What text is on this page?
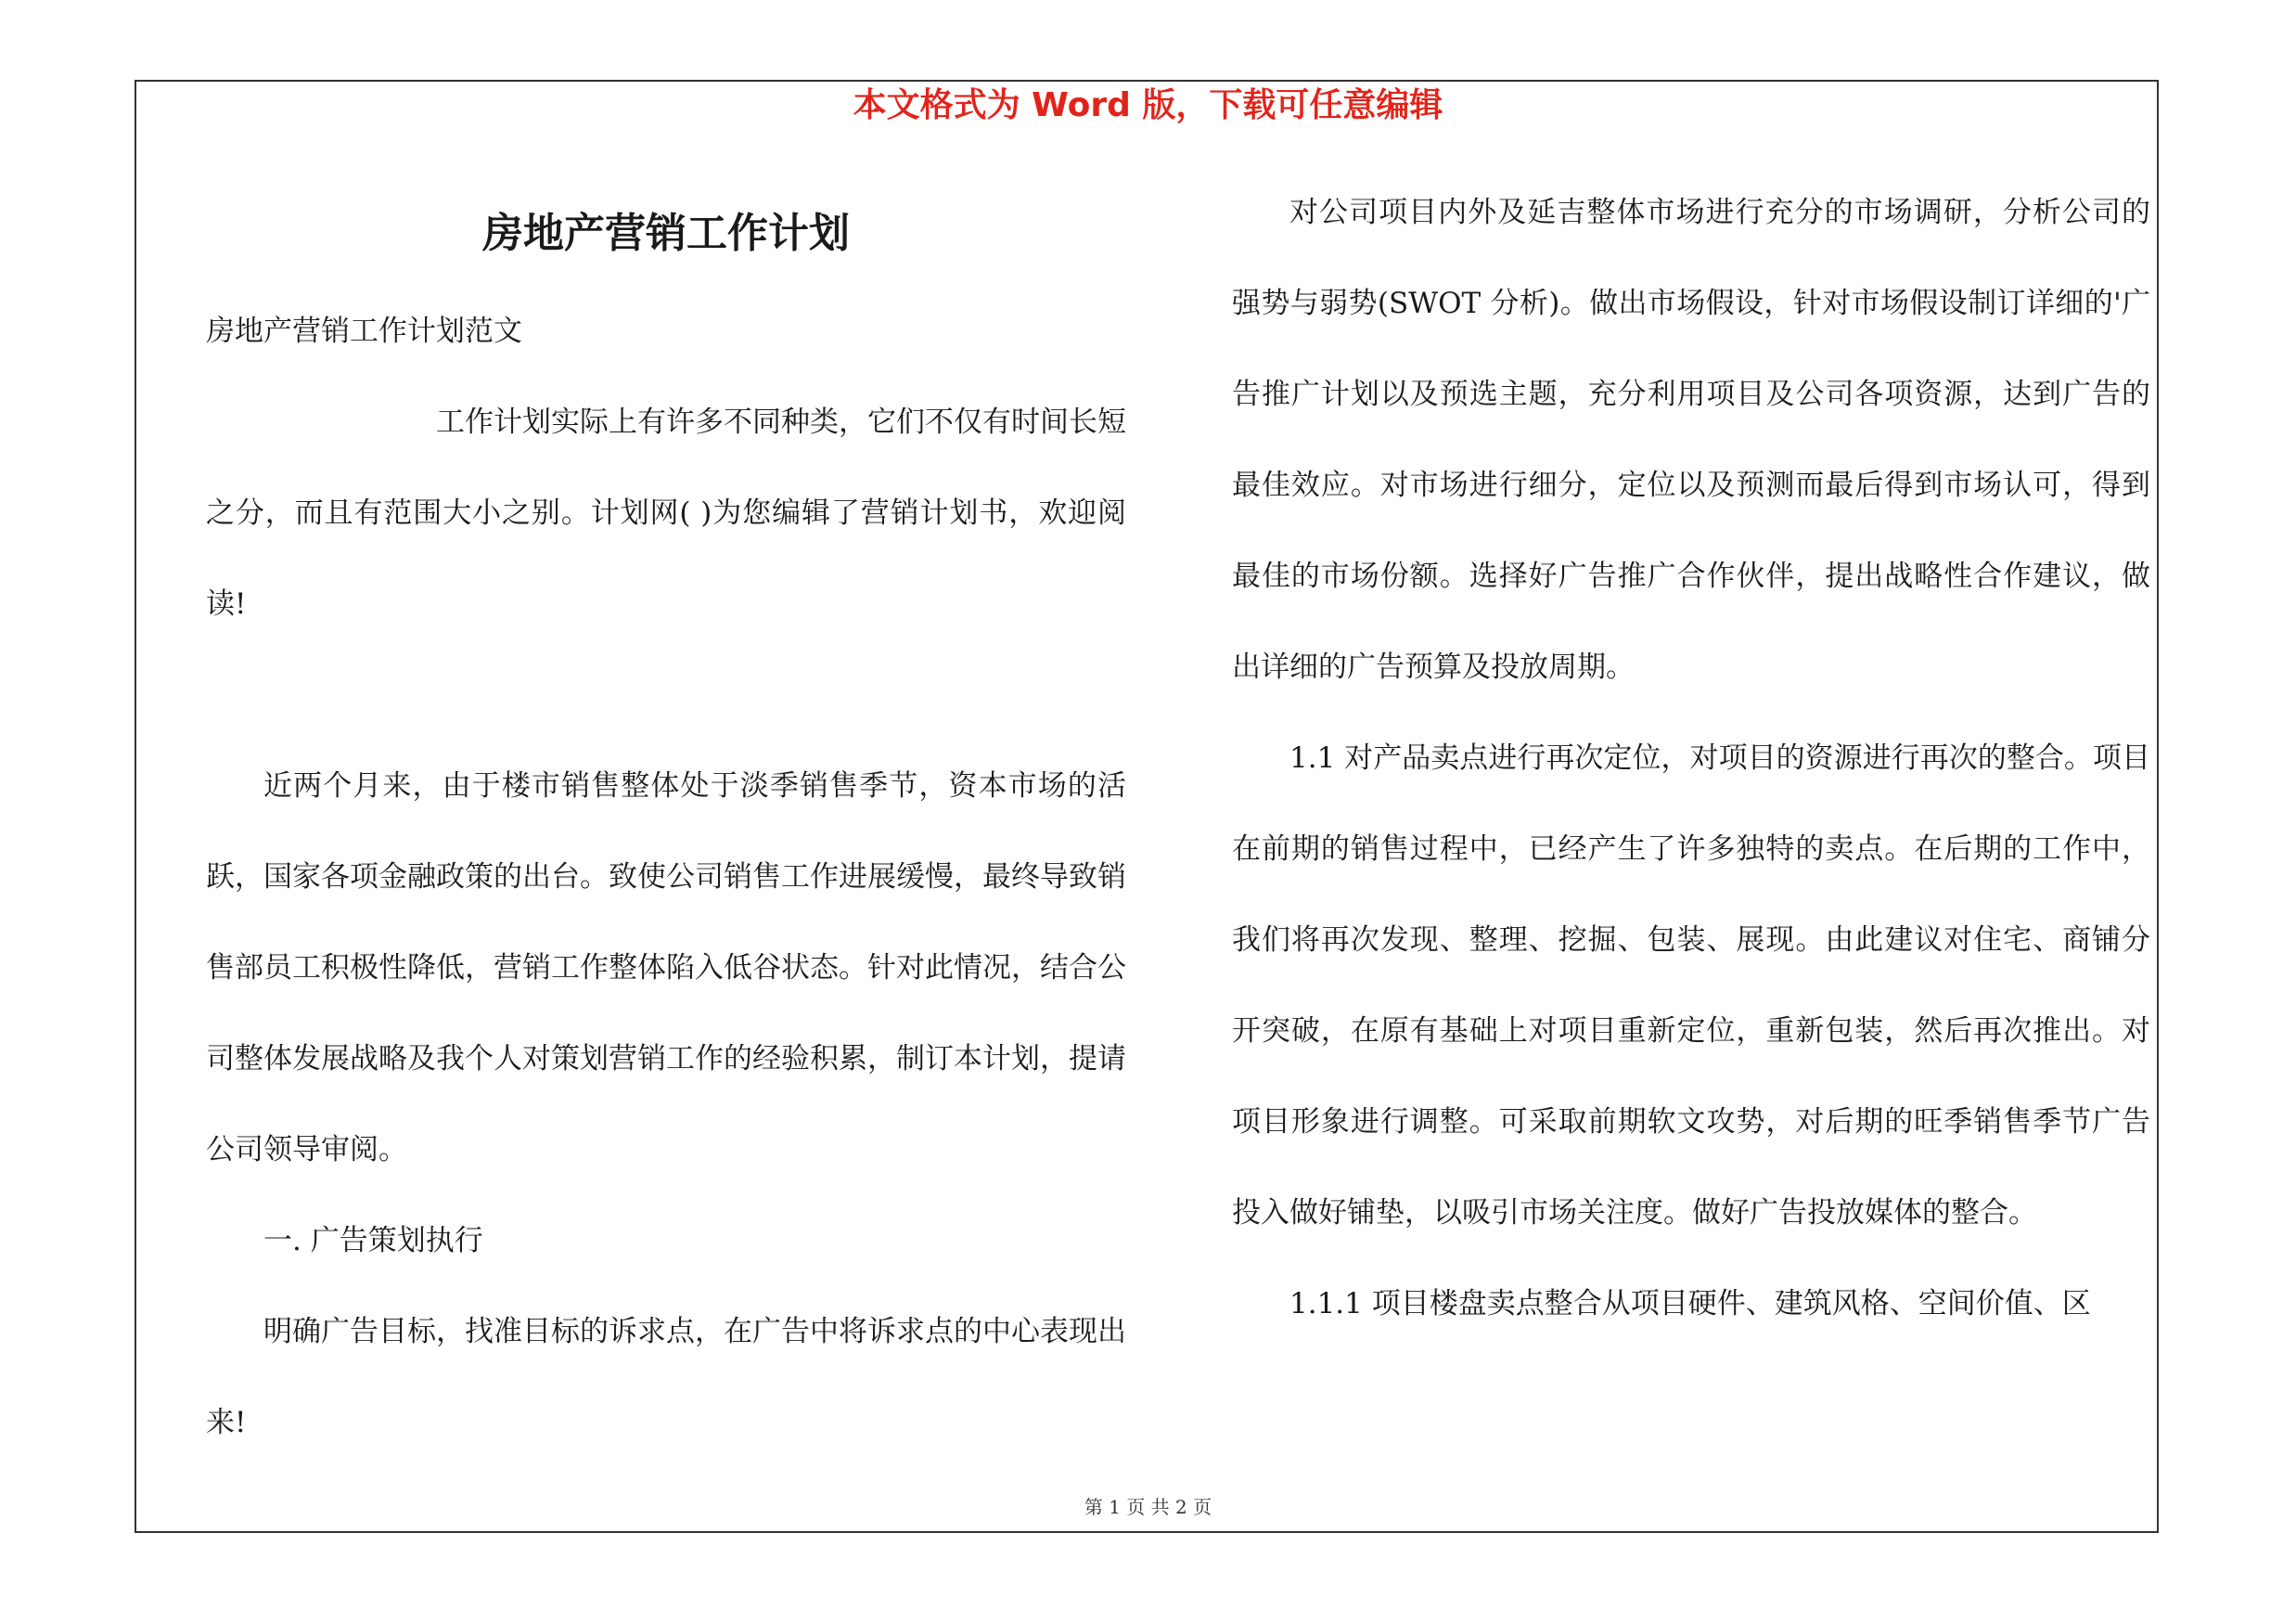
本文格式为 Word 版，下载可任意编辑
房地产营销工作计划

房地产营销工作计划范文

工作计划实际上有许多不同种类，它们不仅有时间长短之分，而且有范围大小之别。计划网( )为您编辑了营销计划书，欢迎阅读!

近两个月来，由于楼市销售整体处于淡季销售季节，资本市场的活跃，国家各项金融政策的出台。致使公司销售工作进展缓慢，最终导致销售部员工积极性降低，营销工作整体陷入低谷状态。针对此情况，结合公司整体发展战略及我个人对策划营销工作的经验积累，制订本计划，提请公司领导审阅。

一. 广告策划执行

明确广告目标，找准目标的诉求点，在广告中将诉求点的中心表现出来!

对公司项目内外及延吉整体市场进行充分的市场调研，分析公司的强势与弱势(SWOT 分析)。做出市场假设，针对市场假设制订详细的'广告推广计划以及预选主题，充分利用项目及公司各项资源，达到广告的最佳效应。对市场进行细分，定位以及预测而最后得到市场认可，得到最佳的市场份额。选择好广告推广合作伙伴，提出战略性合作建议，做出详细的广告预算及投放周期。

1.1 对产品卖点进行再次定位，对项目的资源进行再次的整合。项目在前期的销售过程中，已经产生了许多独特的卖点。在后期的工作中，我们将再次发现、整理、挖掘、包装、展现。由此建议对住宅、商铺分开突破，在原有基础上对项目重新定位，重新包装，然后再次推出。对项目形象进行调整。可采取前期软文攻势，对后期的旺季销售季节广告投入做好铺垫，以吸引市场关注度。做好广告投放媒体的整合。

1.1.1 项目楼盘卖点整合从项目硬件、建筑风格、空间价值、区

第 1 页 共 2 页
